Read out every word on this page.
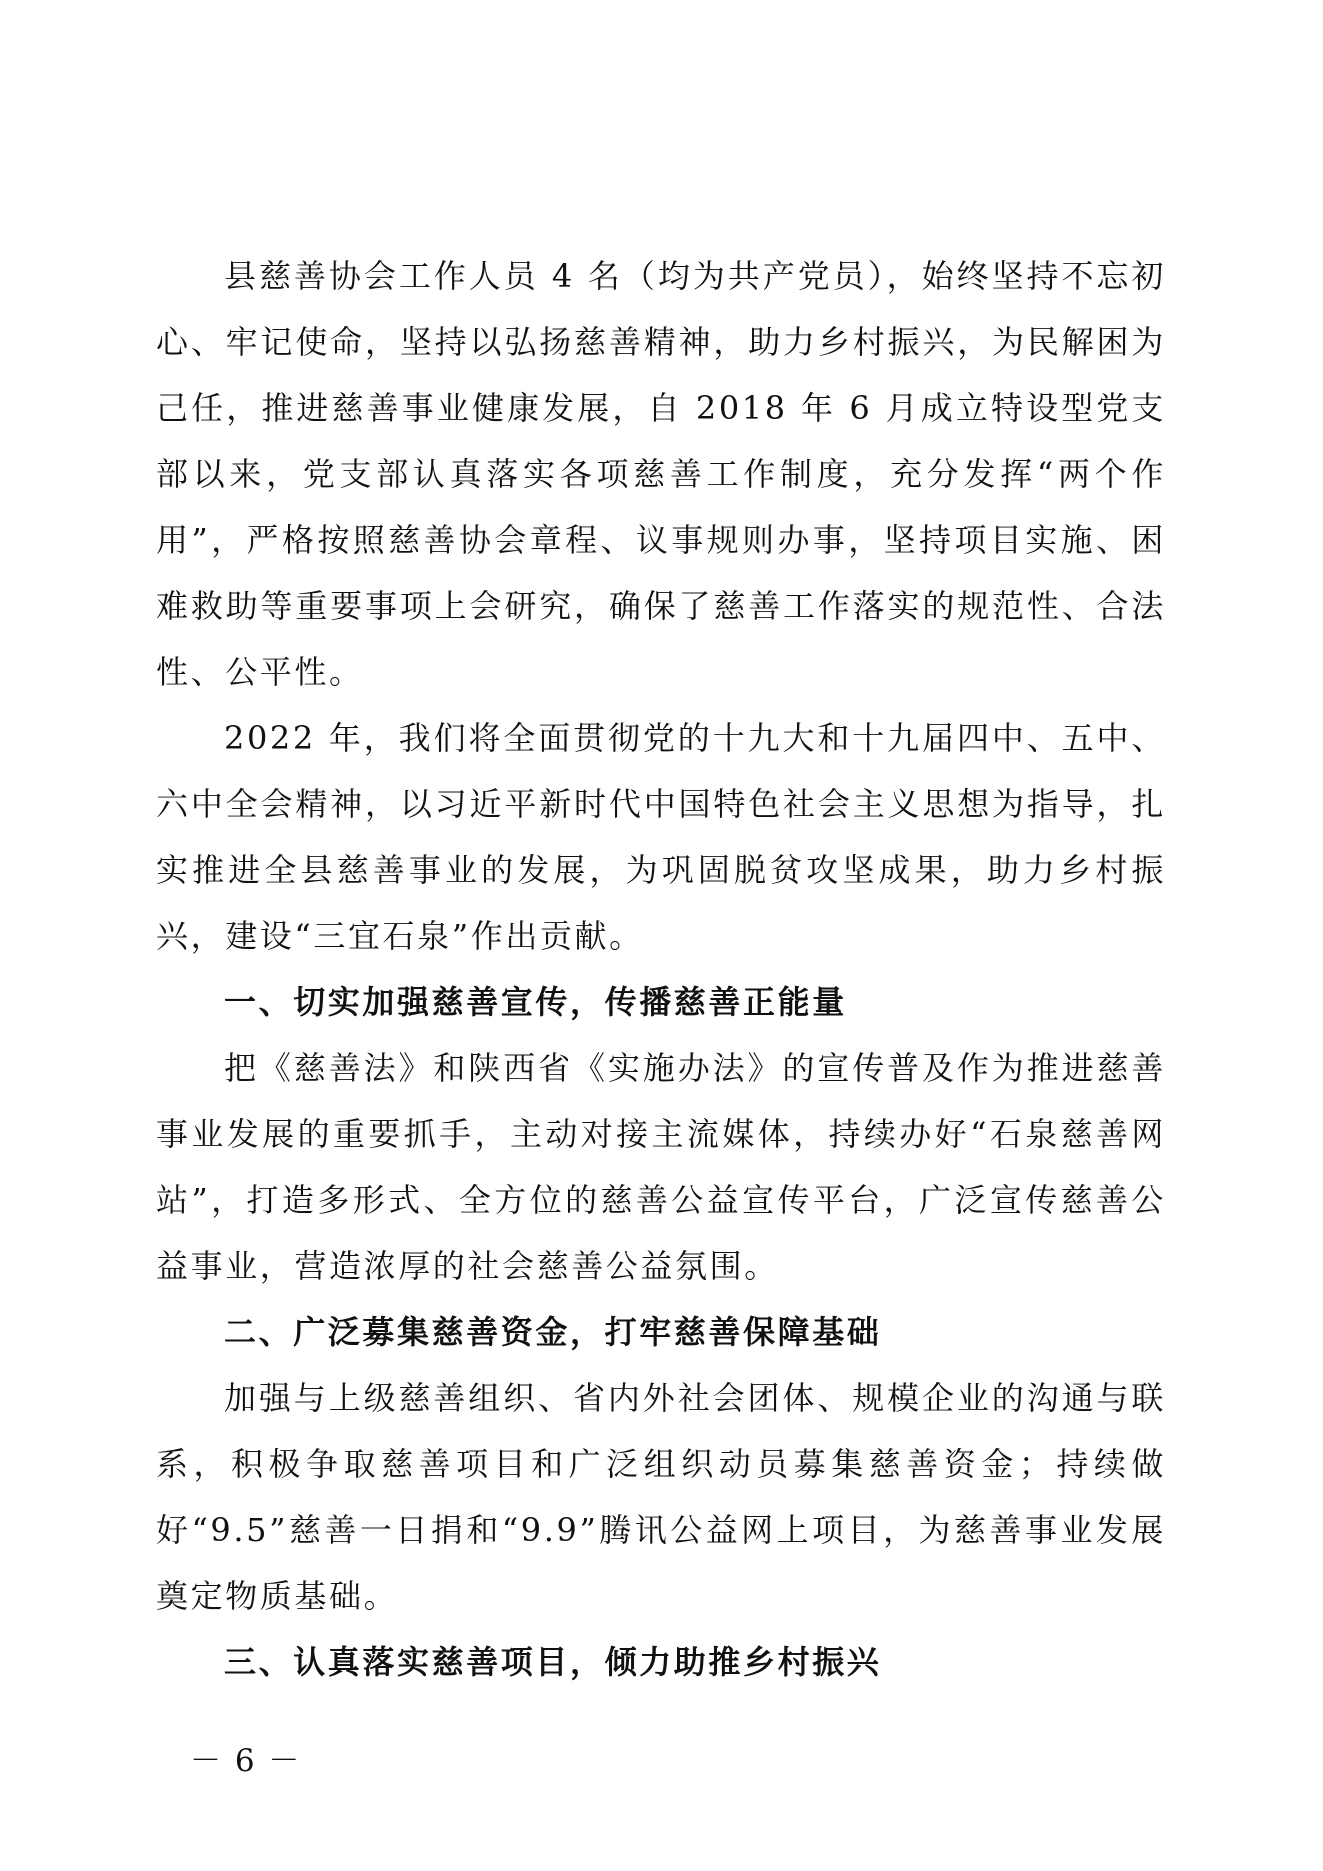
县慈善协会工作人员 4 名（均为共产党员），始终坚持不忘初心、牢记使命，坚持以弘扬慈善精神，助力乡村振兴，为民解困为己任，推进慈善事业健康发展，自 2018 年 6 月成立特设型党支部以来，党支部认真落实各项慈善工作制度，充分发挥“两个作用”，严格按照慈善协会章程、议事规则办事，坚持项目实施、困难救助等重要事项上会研究，确保了慈善工作落实的规范性、合法性、公平性。

2022 年，我们将全面贯彻党的十九大和十九届四中、五中、六中全会精神，以习近平新时代中国特色社会主义思想为指导，扎实推进全县慈善事业的发展，为巩固脱贫攻坚成果，助力乡村振兴，建设“三宜石泉”作出贡献。

一、切实加强慈善宣传，传播慈善正能量

把《慈善法》和陕西省《实施办法》的宣传普及作为推进慈善事业发展的重要抓手，主动对接主流媒体，持续办好“石泉慈善网站”，打造多形式、全方位的慈善公益宣传平台，广泛宣传慈善公益事业，营造浓厚的社会慈善公益氛围。

二、广泛募集慈善资金，打牢慈善保障基础

加强与上级慈善组织、省内外社会团体、规模企业的沟通与联系，积极争取慈善项目和广泛组织动员募集慈善资金；持续做好“9.5”慈善一日捐和“9.9”腾讯公益网上项目，为慈善事业发展奠定物质基础。

三、认真落实慈善项目，倾力助推乡村振兴

－ 6 －
